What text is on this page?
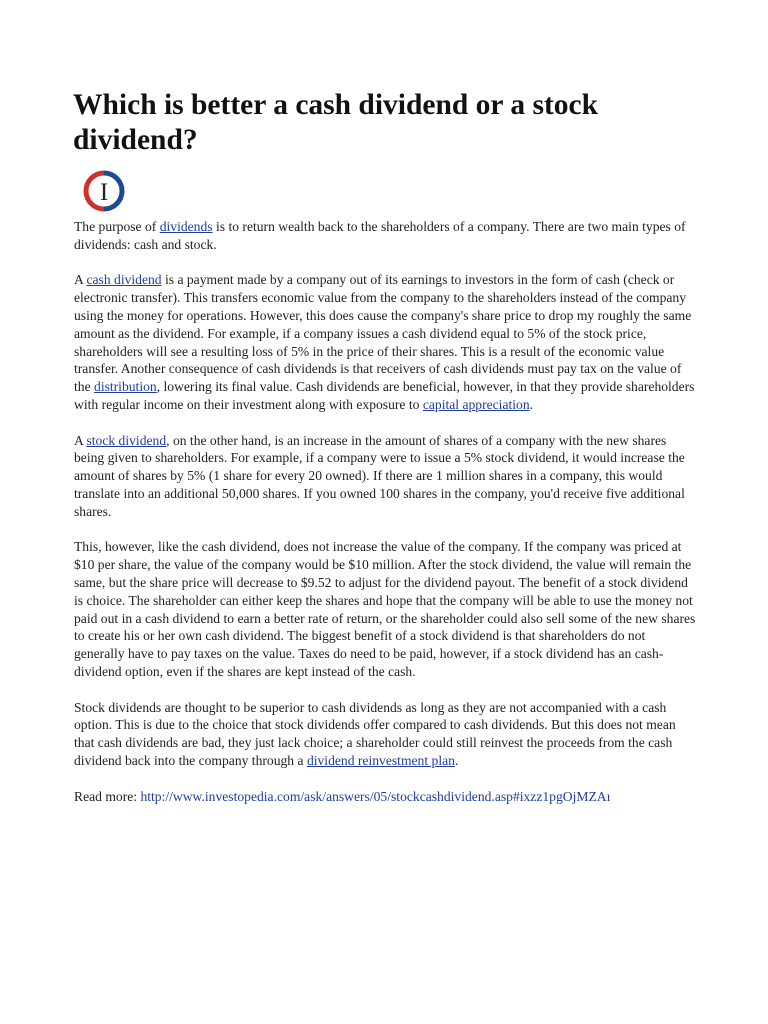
Which is better a cash dividend or a stock dividend?
I

The purpose of dividends is to return wealth back to the shareholders of a company. There are two main types of dividends: cash and stock.

A cash dividend is a payment made by a company out of its earnings to investors in the form of cash (check or electronic transfer). This transfers economic value from the company to the shareholders instead of the company using the money for operations. However, this does cause the company's share price to drop my roughly the same amount as the dividend. For example, if a company issues a cash dividend equal to 5% of the stock price, shareholders will see a resulting loss of 5% in the price of their shares. This is a result of the economic value transfer. Another consequence of cash dividends is that receivers of cash dividends must pay tax on the value of the distribution, lowering its final value. Cash dividends are beneficial, however, in that they provide shareholders with regular income on their investment along with exposure to capital appreciation.

A stock dividend, on the other hand, is an increase in the amount of shares of a company with the new shares being given to shareholders. For example, if a company were to issue a 5% stock dividend, it would increase the amount of shares by 5% (1 share for every 20 owned). If there are 1 million shares in a company, this would translate into an additional 50,000 shares. If you owned 100 shares in the company, you'd receive five additional shares.

This, however, like the cash dividend, does not increase the value of the company. If the company was priced at $10 per share, the value of the company would be $10 million. After the stock dividend, the value will remain the same, but the share price will decrease to $9.52 to adjust for the dividend payout. The benefit of a stock dividend is choice. The shareholder can either keep the shares and hope that the company will be able to use the money not paid out in a cash dividend to earn a better rate of return, or the shareholder could also sell some of the new shares to create his or her own cash dividend. The biggest benefit of a stock dividend is that shareholders do not generally have to pay taxes on the value. Taxes do need to be paid, however, if a stock dividend has an cash-dividend option, even if the shares are kept instead of the cash.

Stock dividends are thought to be superior to cash dividends as long as they are not accompanied with a cash option. This is due to the choice that stock dividends offer compared to cash dividends. But this does not mean that cash dividends are bad, they just lack choice; a shareholder could still reinvest the proceeds from the cash dividend back into the company through a dividend reinvestment plan.

Read more: http://www.investopedia.com/ask/answers/05/stockcashdividend.asp#ixzz1pgOjMZAı
